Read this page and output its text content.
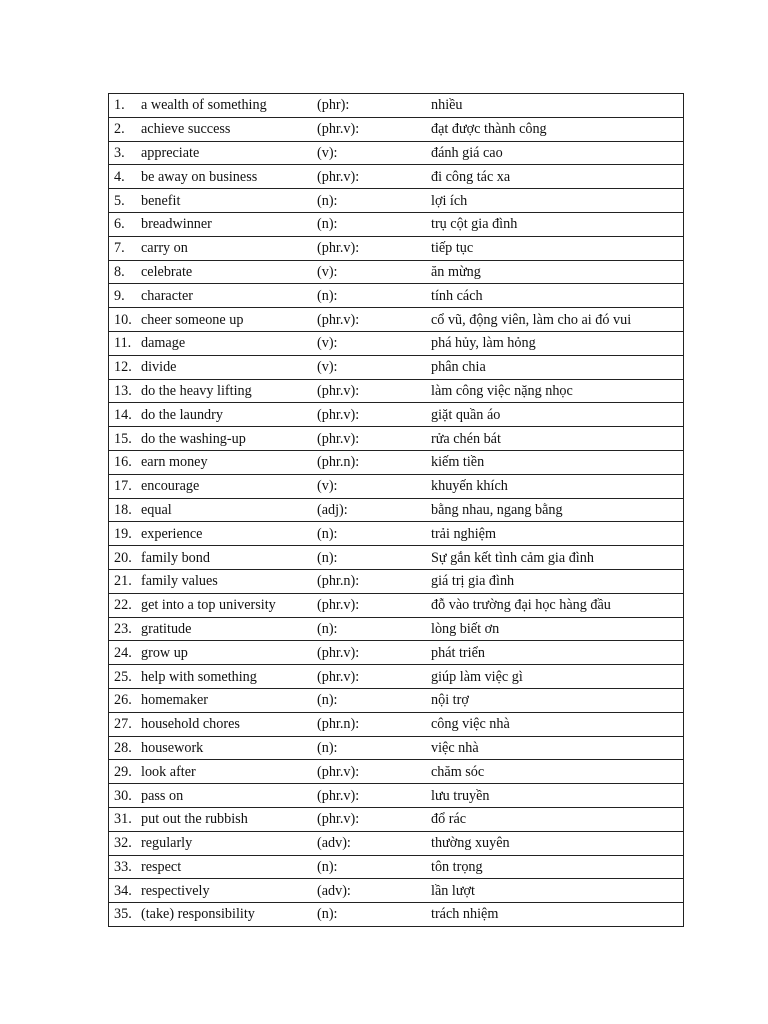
1.	a wealth of something	(phr):	nhiều
2.	achieve success	(phr.v):	đạt được thành công
3.	appreciate	(v):	đánh giá cao
4.	be away on business	(phr.v):	đi công tác xa
5.	benefit	(n):	lợi ích
6.	breadwinner	(n):	trụ cột gia đình
7.	carry on	(phr.v):	tiếp tục
8.	celebrate	(v):	ăn mừng
9.	character	(n):	tính cách
10.	cheer someone up	(phr.v):	cổ vũ, động viên, làm cho ai đó vui
11.	damage	(v):	phá hủy, làm hỏng
12.	divide	(v):	phân chia
13.	do the heavy lifting	(phr.v):	làm công việc nặng nhọc
14.	do the laundry	(phr.v):	giặt quần áo
15.	do the washing-up	(phr.v):	rửa chén bát
16.	earn money	(phr.n):	kiếm tiền
17.	encourage	(v):	khuyến khích
18.	equal	(adj):	bằng nhau, ngang bằng
19.	experience	(n):	trải nghiệm
20.	family bond	(n):	Sự gắn kết tình cảm gia đình
21.	family values	(phr.n):	giá trị gia đình
22.	get into a top university	(phr.v):	đỗ vào trường đại học hàng đầu
23.	gratitude	(n):	lòng biết ơn
24.	grow up	(phr.v):	phát triển
25.	help with something	(phr.v):	giúp làm việc gì
26.	homemaker	(n):	nội trợ
27.	household chores	(phr.n):	công việc nhà
28.	housework	(n):	việc nhà
29.	look after	(phr.v):	chăm sóc
30.	pass on	(phr.v):	lưu truyền
31.	put out the rubbish	(phr.v):	đổ rác
32.	regularly	(adv):	thường xuyên
33.	respect	(n):	tôn trọng
34.	respectively	(adv):	lần lượt
35.	(take) responsibility	(n):	trách nhiệm
